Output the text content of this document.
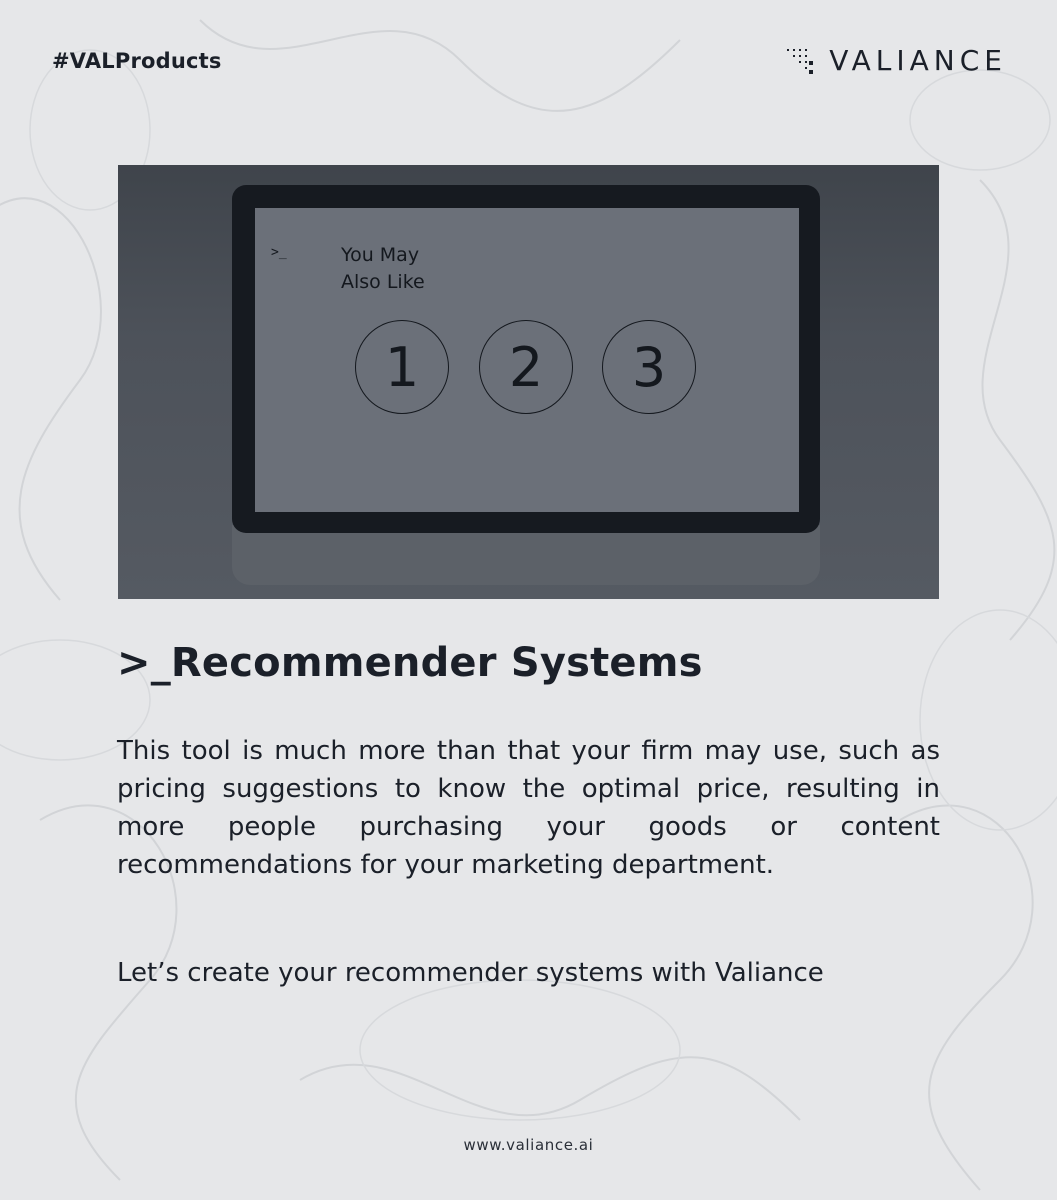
#VALProducts	VALIANCE
>_	You May
Also Like
1	2	3
>_Recommender Systems

This tool is much more than that your firm may use, such as pricing suggestions to know the optimal price, resulting in more people purchasing your goods or content recommendations for your marketing department.

Let’s create your recommender systems with Valiance
www.valiance.ai
